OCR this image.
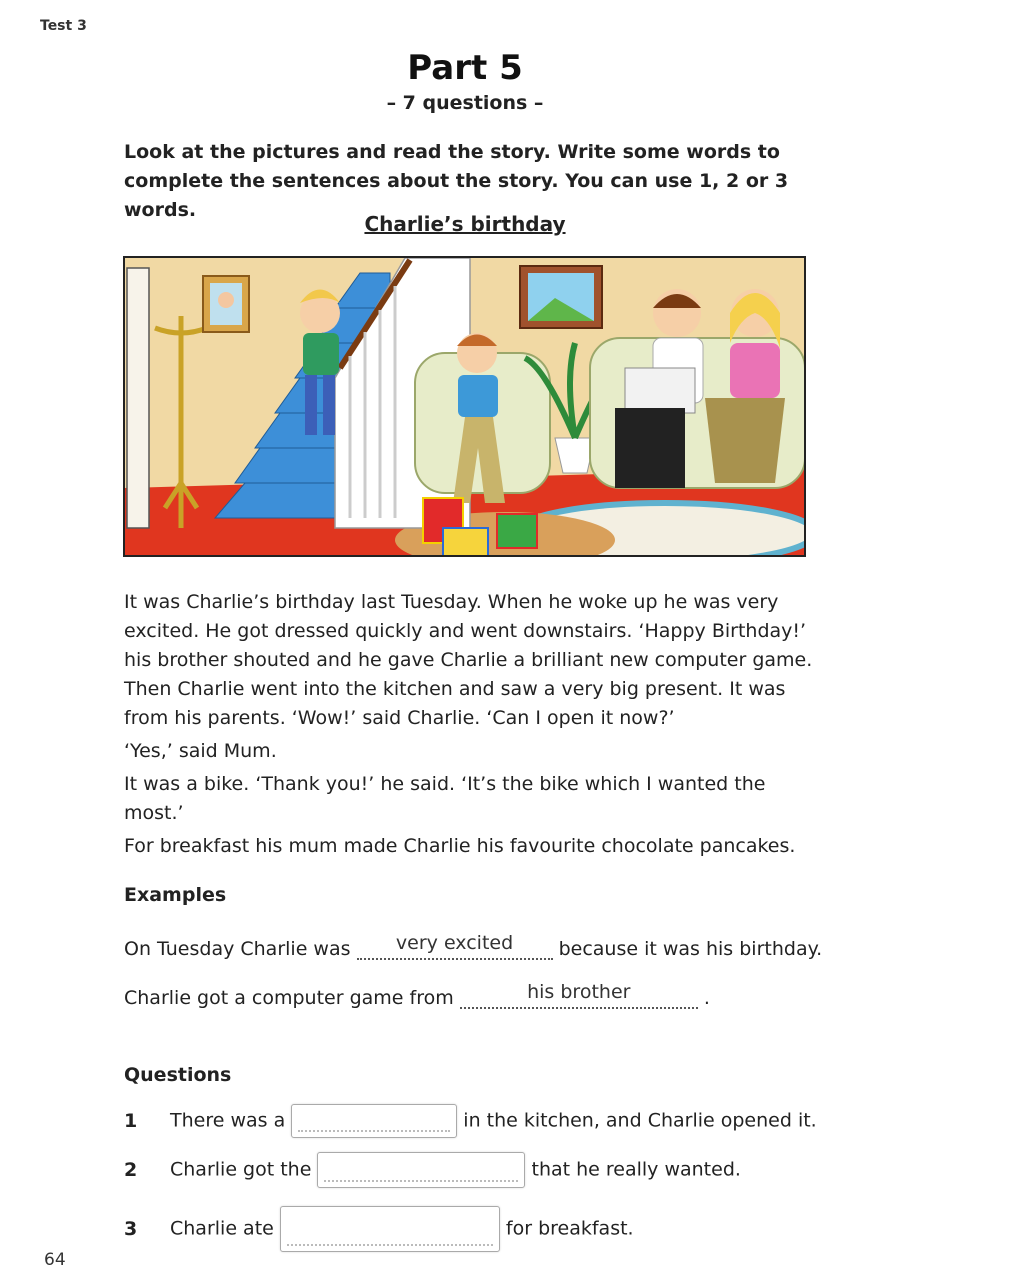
Test 3
Part 5
– 7 questions –
Look at the pictures and read the story. Write some words to complete the sentences about the story. You can use 1, 2 or 3 words.
Charlie’s birthday

It was Charlie’s birthday last Tuesday. When he woke up he was very excited. He got dressed quickly and went downstairs. ‘Happy Birthday!’ his brother shouted and he gave Charlie a brilliant new computer game. Then Charlie went into the kitchen and saw a very big present. It was from his parents. ‘Wow!’ said Charlie. ‘Can I open it now?’

‘Yes,’ said Mum.

It was a bike. ‘Thank you!’ he said. ‘It’s the bike which I wanted the most.’

For breakfast his mum made Charlie his favourite chocolate pancakes.

Examples
On Tuesday Charlie was very excited because it was his birthday.
Charlie got a computer game from	his brother	.
Questions
1 There was a	in the kitchen, and Charlie opened it.
2 Charlie got the	that he really wanted.
3 Charlie ate	for breakfast.
64
